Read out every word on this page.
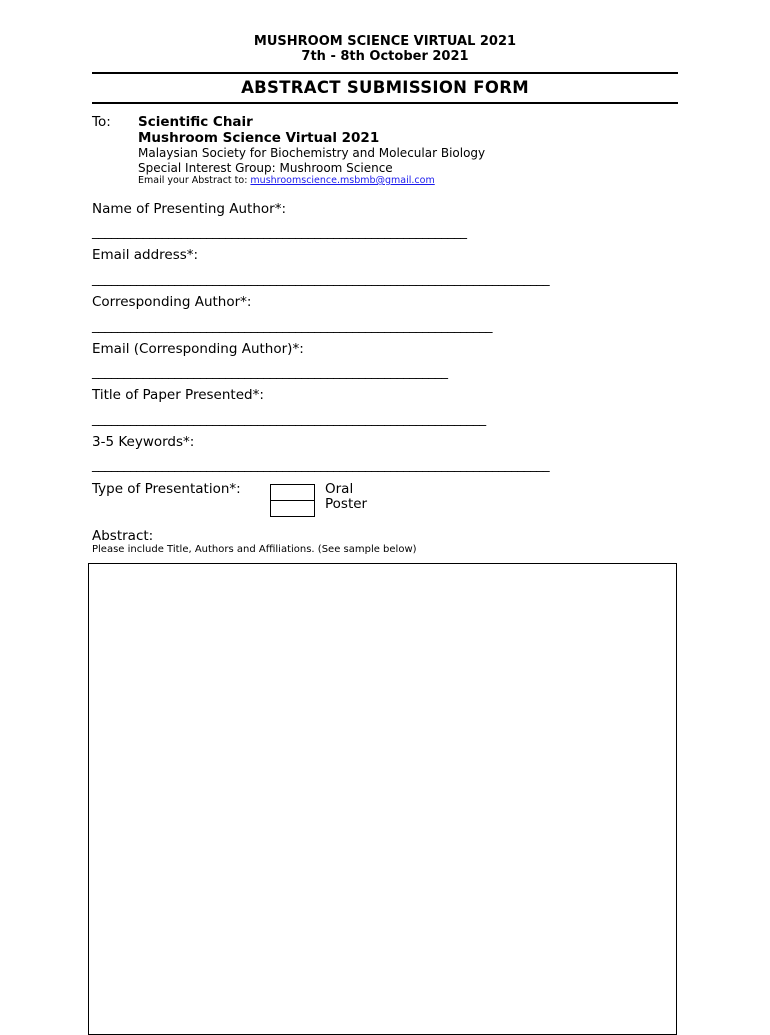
MUSHROOM SCIENCE VIRTUAL 2021
7th - 8th October 2021
ABSTRACT SUBMISSION FORM
To: Scientific Chair
Mushroom Science Virtual 2021
Malaysian Society for Biochemistry and Molecular Biology
Special Interest Group: Mushroom Science
Email your Abstract to: mushroomscience.msbmb@gmail.com
Name of Presenting Author*:
___________________________________________________________
Email address*:
________________________________________________________________________
Corresponding Author*:
_______________________________________________________________
Email (Corresponding Author)*:
________________________________________________________
Title of Paper Presented*:
______________________________________________________________
3-5 Keywords*:
________________________________________________________________________
Type of Presentation*:	Oral
Poster
Abstract:
Please include Title, Authors and Affiliations. (See sample below)
